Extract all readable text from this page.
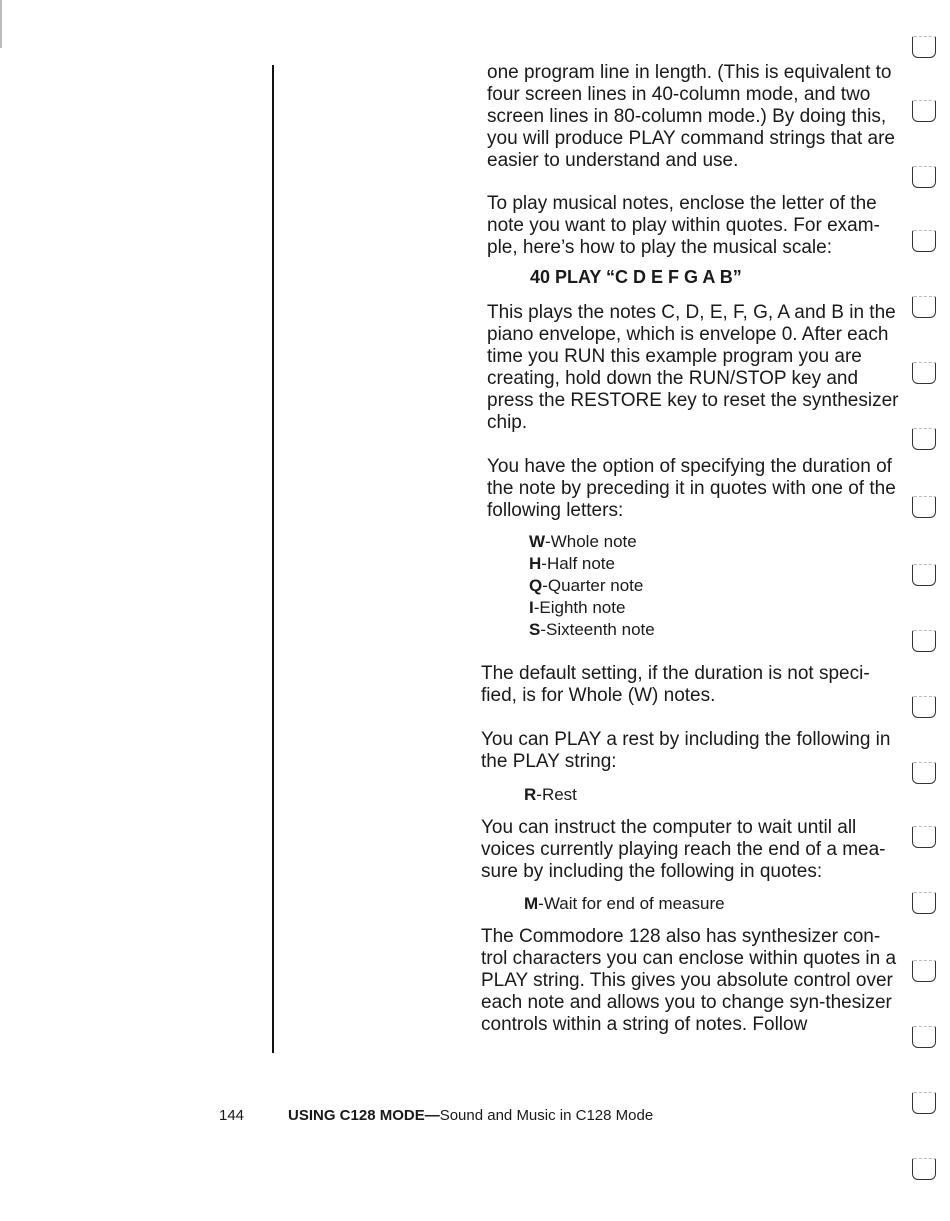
one program line in length. (This is equivalent to four screen lines in 40-column mode, and two screen lines in 80-column mode.) By doing this, you will produce PLAY command strings that are easier to understand and use.

To play musical notes, enclose the letter of the note you want to play within quotes. For exam-ple, here’s how to play the musical scale:

40 PLAY “C D E F G A B”

This plays the notes C, D, E, F, G, A and B in the piano envelope, which is envelope 0. After each time you RUN this example program you are creating, hold down the RUN/STOP key and press the RESTORE key to reset the synthesizer chip.

You have the option of specifying the duration of the note by preceding it in quotes with one of the following letters:

W-Whole note
H-Half note
Q-Quarter note
I-Eighth note
S-Sixteenth note

The default setting, if the duration is not speci-fied, is for Whole (W) notes.

You can PLAY a rest by including the following in the PLAY string:

R-Rest

You can instruct the computer to wait until all voices currently playing reach the end of a mea-sure by including the following in quotes:

M-Wait for end of measure

The Commodore 128 also has synthesizer con-trol characters you can enclose within quotes in a PLAY string. This gives you absolute control over each note and allows you to change syn-thesizer controls within a string of notes. Follow

144	USING C128 MODE—Sound and Music in C128 Mode
